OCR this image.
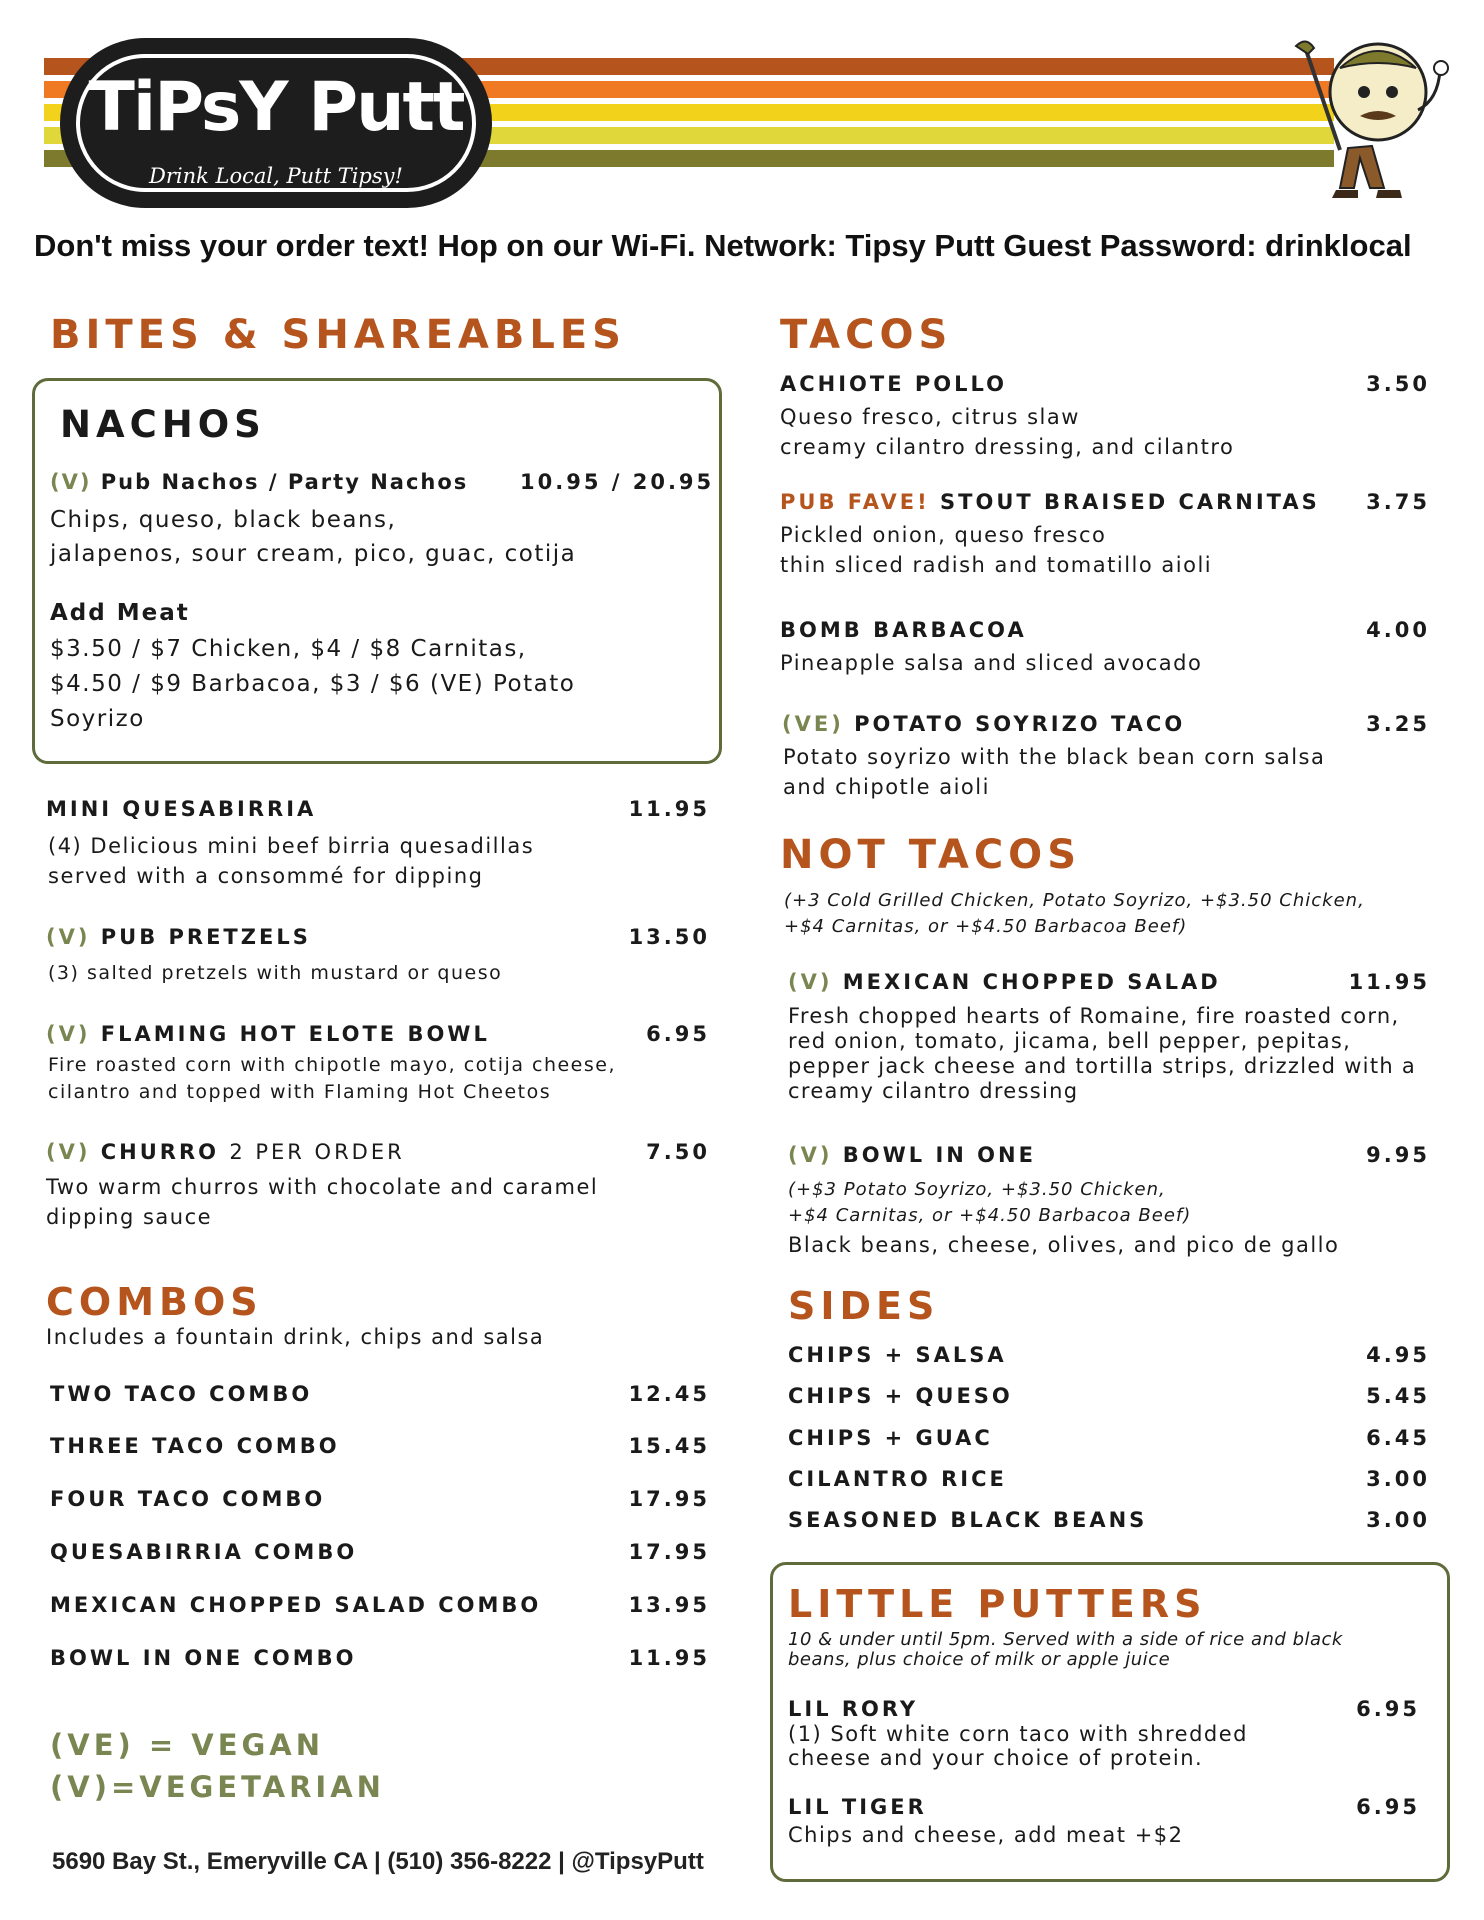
TiPsY Putt
Drink Local, Putt Tipsy!
Don't miss your order text! Hop on our Wi-Fi. Network: Tipsy Putt Guest Password: drinklocal
BITES & SHAREABLES
NACHOS
(V) Pub Nachos / Party Nachos 10.95 / 20.95
Chips, queso, black beans,
jalapenos, sour cream, pico, guac, cotija
Add Meat
$3.50 / $7 Chicken, $4 / $8 Carnitas,
$4.50 / $9 Barbacoa, $3 / $6 (VE) Potato
Soyrizo
MINI QUESABIRRIA	11.95
(4) Delicious mini beef birria quesadillas
served with a consommé for dipping
(V) PUB PRETZELS	13.50
(3) salted pretzels with mustard or queso
(V) FLAMING HOT ELOTE BOWL	6.95
Fire roasted corn with chipotle mayo, cotija cheese,
cilantro and topped with Flaming Hot Cheetos
(V) CHURRO 2 PER ORDER	7.50
Two warm churros with chocolate and caramel
dipping sauce
COMBOS
Includes a fountain drink, chips and salsa
TWO TACO COMBO	12.45
THREE TACO COMBO	15.45
FOUR TACO COMBO	17.95
QUESABIRRIA COMBO	17.95
MEXICAN CHOPPED SALAD COMBO	13.95
BOWL IN ONE COMBO	11.95
(VE) = VEGAN
(V)=VEGETARIAN
5690 Bay St., Emeryville CA | (510) 356-8222 | @TipsyPutt
TACOS
ACHIOTE POLLO	3.50
Queso fresco, citrus slaw
creamy cilantro dressing, and cilantro
PUB FAVE! STOUT BRAISED CARNITAS	3.75
Pickled onion, queso fresco
thin sliced radish and tomatillo aioli
BOMB BARBACOA	4.00
Pineapple salsa and sliced avocado
(VE) POTATO SOYRIZO TACO	3.25
Potato soyrizo with the black bean corn salsa
and chipotle aioli
NOT TACOS
(+3 Cold Grilled Chicken, Potato Soyrizo, +$3.50 Chicken,
+$4 Carnitas, or +$4.50 Barbacoa Beef)
(V) MEXICAN CHOPPED SALAD	11.95
Fresh chopped hearts of Romaine, fire roasted corn,
red onion, tomato, jicama, bell pepper, pepitas,
pepper jack cheese and tortilla strips, drizzled with a
creamy cilantro dressing
(V) BOWL IN ONE	9.95
(+$3 Potato Soyrizo, +$3.50 Chicken,
+$4 Carnitas, or +$4.50 Barbacoa Beef)
Black beans, cheese, olives, and pico de gallo
SIDES
CHIPS + SALSA	4.95
CHIPS + QUESO	5.45
CHIPS + GUAC	6.45
CILANTRO RICE	3.00
SEASONED BLACK BEANS	3.00
LITTLE PUTTERS
10 & under until 5pm. Served with a side of rice and black
beans, plus choice of milk or apple juice
LIL RORY	6.95
(1) Soft white corn taco with shredded
cheese and your choice of protein.
LIL TIGER	6.95
Chips and cheese, add meat +$2
